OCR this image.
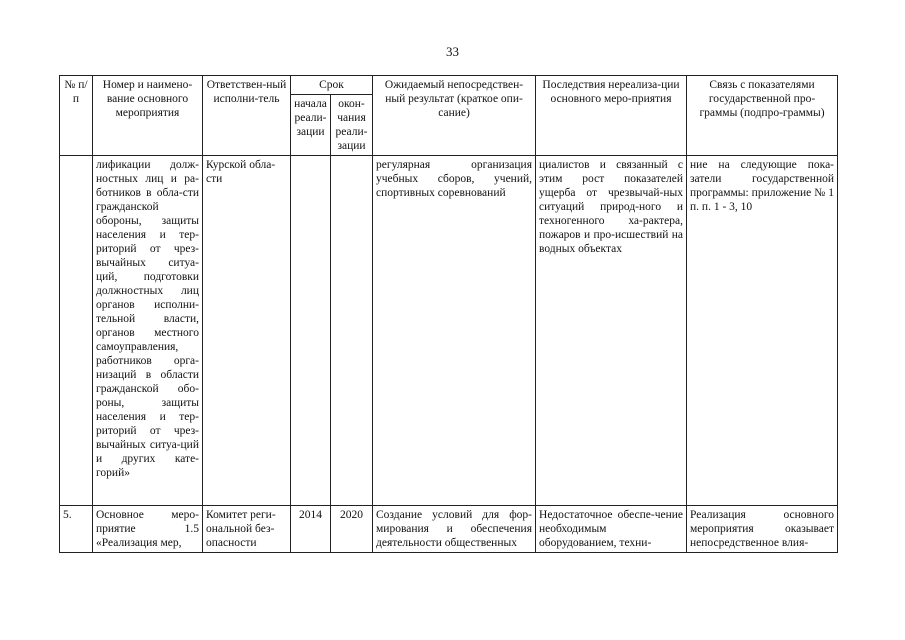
33
№ п/п	Номер и наимено-вание основного мероприятия	Ответствен-ный исполни-тель	Срок		Ожидаемый непосредствен-ный результат (краткое опи-сание)	Последствия нереализа-ции основного меро-приятия	Связь с показателями государственной про-граммы (подпро-граммы)
			начала реали-зации	окон-чания реали-зации			
	лификации долж-ностных лиц и ра-ботников в обла-сти гражданской обороны, защиты населения и тер-риторий от чрез-вычайных ситуа-ций, подготовки должностных лиц органов исполни-тельной власти, органов местного самоуправления, работников орга-низаций в области гражданской обо-роны, защиты населения и тер-риторий от чрез-вычайных ситуа-ций и других кате-горий»	Курской обла-сти			регулярная организация учебных сборов, учений, спортивных соревнований	циалистов и связанный с этим рост показателей ущерба от чрезвычай-ных ситуаций природ-ного и техногенного ха-рактера, пожаров и про-исшествий на водных объектах	ние на следующие пока-затели государственной программы: приложение № 1 п. п. 1 - 3, 10
5.	Основное меро-приятие 1.5 «Реализация мер,	Комитет реги-ональной без-опасности	2014	2020	Создание условий для фор-мирования и обеспечения деятельности общественных	Недостаточное обеспе-чение необходимым оборудованием, техни-	Реализация основного мероприятия оказывает непосредственное влия-
